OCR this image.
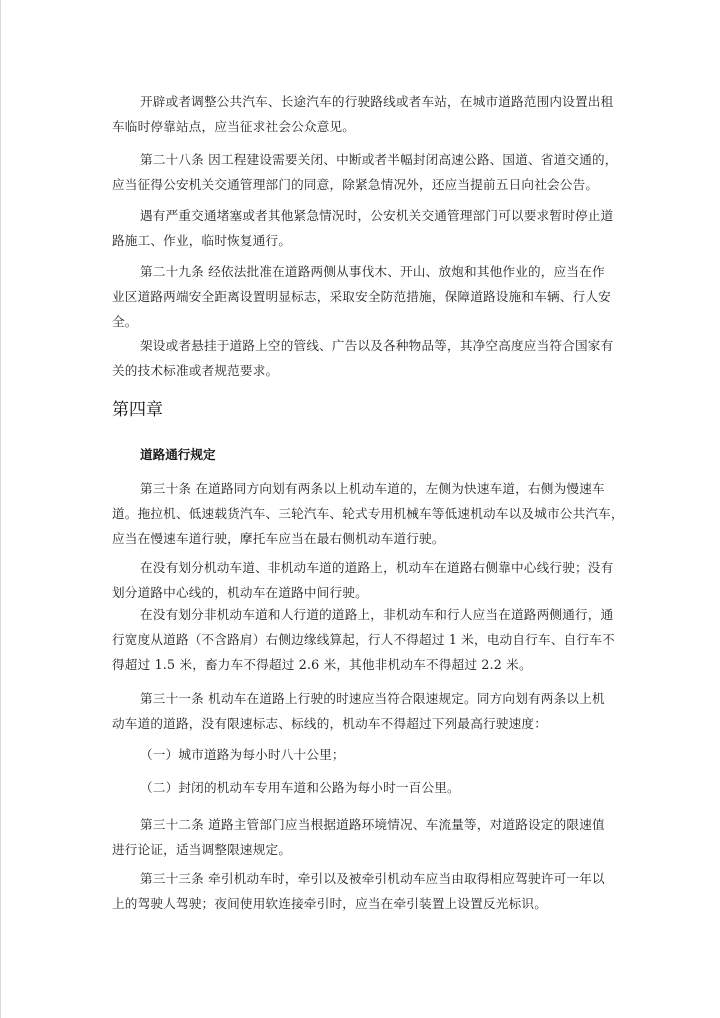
开辟或者调整公共汽车、长途汽车的行驶路线或者车站，在城市道路范围内设置出租
车临时停靠站点，应当征求社会公众意见。

第二十八条 因工程建设需要关闭、中断或者半幅封闭高速公路、国道、省道交通的，
应当征得公安机关交通管理部门的同意，除紧急情况外，还应当提前五日向社会公告。

遇有严重交通堵塞或者其他紧急情况时，公安机关交通管理部门可以要求暂时停止道
路施工、作业，临时恢复通行。

第二十九条 经依法批准在道路两侧从事伐木、开山、放炮和其他作业的，应当在作
业区道路两端安全距离设置明显标志，采取安全防范措施，保障道路设施和车辆、行人安
全。

架设或者悬挂于道路上空的管线、广告以及各种物品等，其净空高度应当符合国家有
关的技术标准或者规范要求。

第四章
道路通行规定

第三十条 在道路同方向划有两条以上机动车道的，左侧为快速车道，右侧为慢速车
道。拖拉机、低速载货汽车、三轮汽车、轮式专用机械车等低速机动车以及城市公共汽车，
应当在慢速车道行驶，摩托车应当在最右侧机动车道行驶。

在没有划分机动车道、非机动车道的道路上，机动车在道路右侧靠中心线行驶；没有
划分道路中心线的，机动车在道路中间行驶。

在没有划分非机动车道和人行道的道路上，非机动车和行人应当在道路两侧通行，通
行宽度从道路（不含路肩）右侧边缘线算起，行人不得超过 1 米，电动自行车、自行车不
得超过 1.5 米，畜力车不得超过 2.6 米，其他非机动车不得超过 2.2 米。

第三十一条 机动车在道路上行驶的时速应当符合限速规定。同方向划有两条以上机
动车道的道路，没有限速标志、标线的，机动车不得超过下列最高行驶速度：

（一）城市道路为每小时八十公里；

（二）封闭的机动车专用车道和公路为每小时一百公里。

第三十二条 道路主管部门应当根据道路环境情况、车流量等，对道路设定的限速值
进行论证，适当调整限速规定。

第三十三条 牵引机动车时，牵引以及被牵引机动车应当由取得相应驾驶许可一年以
上的驾驶人驾驶；夜间使用软连接牵引时，应当在牵引装置上设置反光标识。
